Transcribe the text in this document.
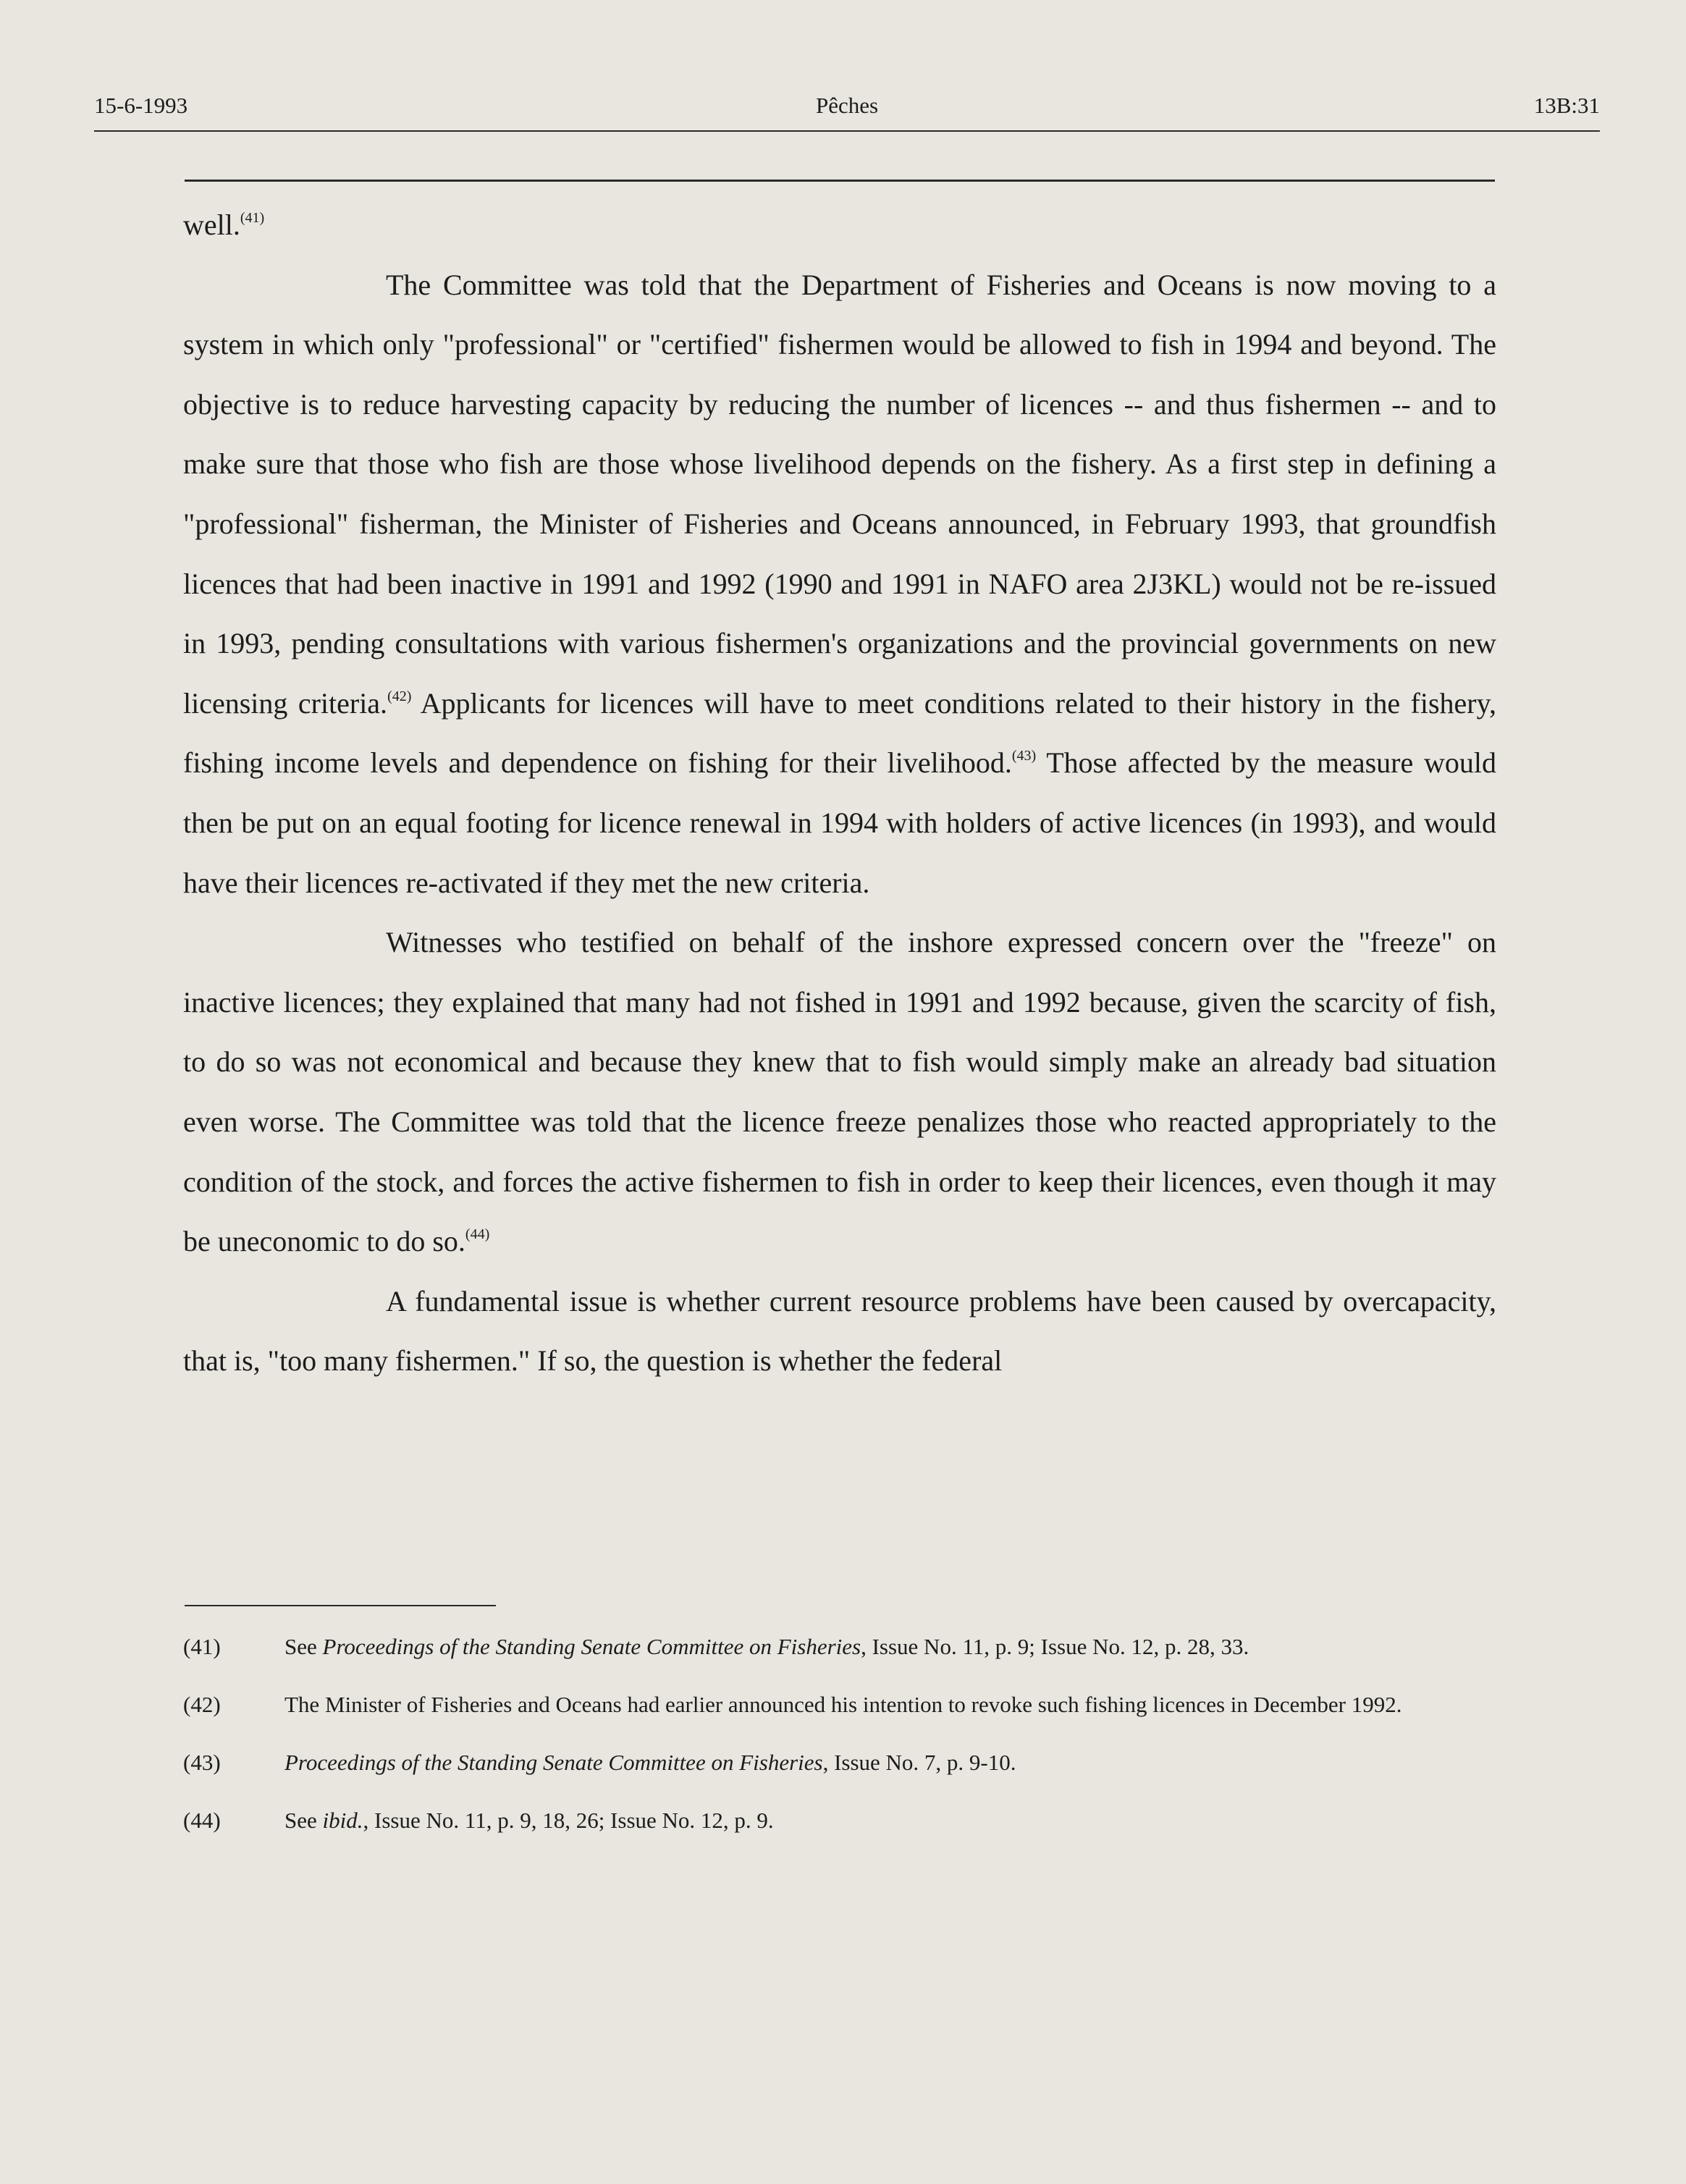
15-6-1993	Pêches	13B:31

well.$^{(41)}$

The Committee was told that the Department of Fisheries and Oceans is now moving to a system in which only "professional" or "certified" fishermen would be allowed to fish in 1994 and beyond. The objective is to reduce harvesting capacity by reducing the number of licences -- and thus fishermen -- and to make sure that those who fish are those whose livelihood depends on the fishery. As a first step in defining a "professional" fisherman, the Minister of Fisheries and Oceans announced, in February 1993, that groundfish licences that had been inactive in 1991 and 1992 (1990 and 1991 in NAFO area 2J3KL) would not be re-issued in 1993, pending consultations with various fishermen's organizations and the provincial governments on new licensing criteria.$^{(42)}$ Applicants for licences will have to meet conditions related to their history in the fishery, fishing income levels and dependence on fishing for their livelihood.$^{(43)}$ Those affected by the measure would then be put on an equal footing for licence renewal in 1994 with holders of active licences (in 1993), and would have their licences re-activated if they met the new criteria.

Witnesses who testified on behalf of the inshore expressed concern over the "freeze" on inactive licences; they explained that many had not fished in 1991 and 1992 because, given the scarcity of fish, to do so was not economical and because they knew that to fish would simply make an already bad situation even worse. The Committee was told that the licence freeze penalizes those who reacted appropriately to the condition of the stock, and forces the active fishermen to fish in order to keep their licences, even though it may be uneconomic to do so.$^{(44)}$

A fundamental issue is whether current resource problems have been caused by overcapacity, that is, "too many fishermen." If so, the question is whether the federal

(41)	See Proceedings of the Standing Senate Committee on Fisheries, Issue No. 11, p. 9; Issue No. 12, p. 28, 33.
(42)	The Minister of Fisheries and Oceans had earlier announced his intention to revoke such fishing licences in December 1992.
(43)	Proceedings of the Standing Senate Committee on Fisheries, Issue No. 7, p. 9-10.
(44)	See ibid., Issue No. 11, p. 9, 18, 26; Issue No. 12, p. 9.
